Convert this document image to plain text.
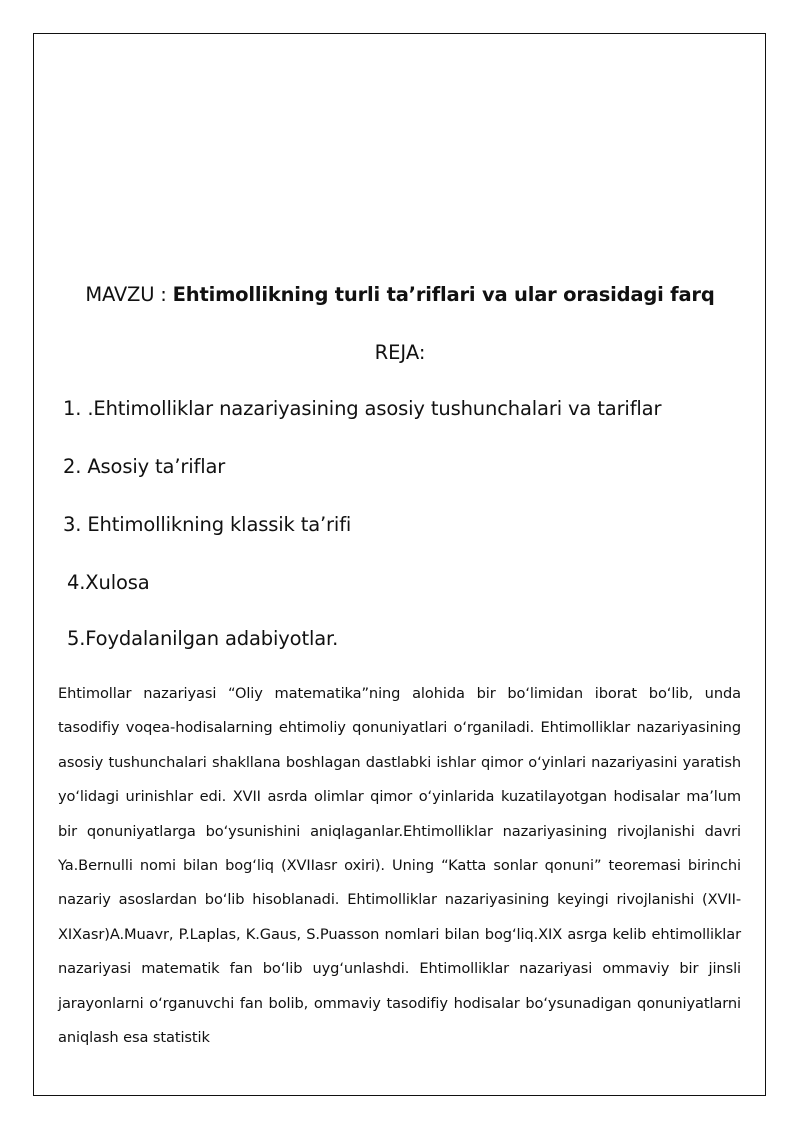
MAVZU : Ehtimollikning turli ta’riflari va ular orasidagi farq
REJA:
1. .Ehtimolliklar nazariyasining asosiy tushunchalari va tariflar
2. Asosiy ta’riflar
3. Ehtimollikning klassik ta’rifi
4.Xulosa
5.Foydalanilgan adabiyotlar.

Ehtimollar nazariyasi “Oliy matematika”ning alohida bir bo‘limidan iborat bo‘lib, unda tasodifiy voqea-hodisalarning ehtimoliy qonuniyatlari o‘rganiladi. Ehtimolliklar nazariyasining asosiy tushunchalari shakllana boshlagan dastlabki ishlar qimor o‘yinlari nazariyasini yaratish yo‘lidagi urinishlar edi. XVII asrda olimlar qimor o‘yinlarida kuzatilayotgan hodisalar ma’lum bir qonuniyatlarga bo‘ysunishini aniqlaganlar.Ehtimolliklar nazariyasining rivojlanishi davri Ya.Bernulli nomi bilan bog‘liq (XVIIasr oxiri). Uning “Katta sonlar qonuni” teoremasi birinchi nazariy asoslardan bo‘lib hisoblanadi. Ehtimolliklar nazariyasining keyingi rivojlanishi (XVII-XIXasr)A.Muavr, P.Laplas, K.Gaus, S.Puasson nomlari bilan bog‘liq.XIX asrga kelib ehtimolliklar nazariyasi matematik fan bo‘lib uyg‘unlashdi. Ehtimolliklar nazariyasi ommaviy bir jinsli jarayonlarni o‘rganuvchi fan bolib, ommaviy tasodifiy hodisalar bo‘ysunadigan qonuniyatlarni aniqlash esa statistik
